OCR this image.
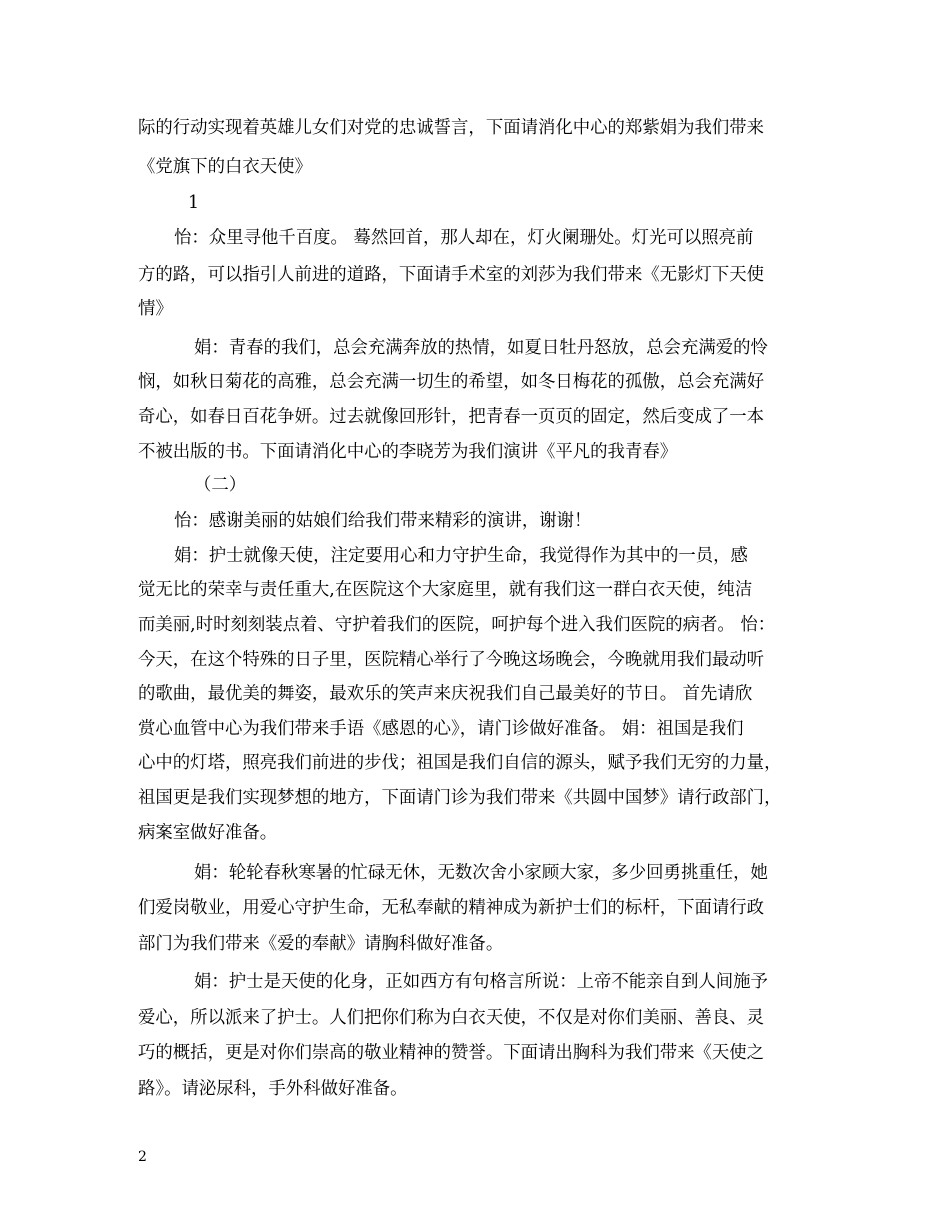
际的行动实现着英雄儿女们对党的忠诚誓言，下面请消化中心的郑紫娟为我们带来
《党旗下的白衣天使》
1
怡：众里寻他千百度。 蓦然回首，那人却在，灯火阑珊处。灯光可以照亮前
方的路，可以指引人前进的道路，下面请手术室的刘莎为我们带来《无影灯下天使
情》
娟：青春的我们，总会充满奔放的热情，如夏日牡丹怒放，总会充满爱的怜
悯，如秋日菊花的高雅，总会充满一切生的希望，如冬日梅花的孤傲，总会充满好
奇心，如春日百花争妍。过去就像回形针，把青春一页页的固定，然后变成了一本
不被出版的书。下面请消化中心的李晓芳为我们演讲《平凡的我青春》
（二）
怡：感谢美丽的姑娘们给我们带来精彩的演讲，谢谢！
娟：护士就像天使，注定要用心和力守护生命，我觉得作为其中的一员，感
觉无比的荣幸与责任重大,在医院这个大家庭里，就有我们这一群白衣天使，纯洁
而美丽,时时刻刻装点着、守护着我们的医院，呵护每个进入我们医院的病者。 怡：
今天，在这个特殊的日子里，医院精心举行了今晚这场晚会，今晚就用我们最动听
的歌曲，最优美的舞姿，最欢乐的笑声来庆祝我们自己最美好的节日。 首先请欣
赏心血管中心为我们带来手语《感恩的心》，请门诊做好准备。 娟：祖国是我们
心中的灯塔，照亮我们前进的步伐；祖国是我们自信的源头，赋予我们无穷的力量，
祖国更是我们实现梦想的地方，下面请门诊为我们带来《共圆中国梦》请行政部门，
病案室做好准备。
娟：轮轮春秋寒暑的忙碌无休，无数次舍小家顾大家，多少回勇挑重任，她
们爱岗敬业，用爱心守护生命，无私奉献的精神成为新护士们的标杆，下面请行政
部门为我们带来《爱的奉献》请胸科做好准备。
娟：护士是天使的化身，正如西方有句格言所说：上帝不能亲自到人间施予
爱心，所以派来了护士。人们把你们称为白衣天使，不仅是对你们美丽、善良、灵
巧的概括，更是对你们崇高的敬业精神的赞誉。下面请出胸科为我们带来《天使之
路》。请泌尿科，手外科做好准备。
2
